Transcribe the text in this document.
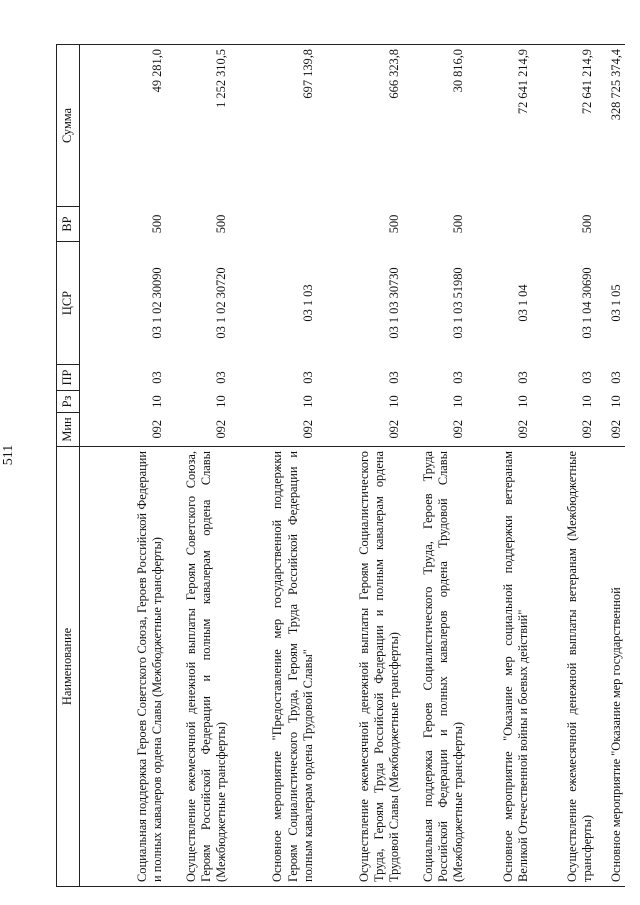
511
Наименование	Мин	Рз	ПР	ЦСР	ВР	Сумма
Социальная поддержка Героев Советского Союза, Героев Российской Федерации и полных кавалеров ордена Славы (Межбюджетные трансферты)	092	10	03	03 1 02 30090	500	49 281,0
Осуществление ежемесячной денежной выплаты Героям Советского Союза, Героям Российской Федерации и полным кавалерам ордена Славы (Межбюджетные трансферты)	092	10	03	03 1 02 30720	500	1 252 310,5
Основное мероприятие "Предоставление мер государственной поддержки Героям Социалистического Труда, Героям Труда Российской Федерации и полным кавалерам ордена Трудовой Славы"	092	10	03	03 1 03		697 139,8
Осуществление ежемесячной денежной выплаты Героям Социалистического Труда, Героям Труда Российской Федерации и полным кавалерам ордена Трудовой Славы (Межбюджетные трансферты)	092	10	03	03 1 03 30730	500	666 323,8
Социальная поддержка Героев Социалистического Труда, Героев Труда Российской Федерации и полных кавалеров ордена Трудовой Славы (Межбюджетные трансферты)	092	10	03	03 1 03 51980	500	30 816,0
Основное мероприятие "Оказание мер социальной поддержки ветеранам Великой Отечественной войны и боевых действий"	092	10	03	03 1 04		72 641 214,9
Осуществление ежемесячной денежной выплаты ветеранам (Межбюджетные трансферты)	092	10	03	03 1 04 30690	500	72 641 214,9
Основное мероприятие "Оказание мер государственной	092	10	03	03 1 05		328 725 374,4
